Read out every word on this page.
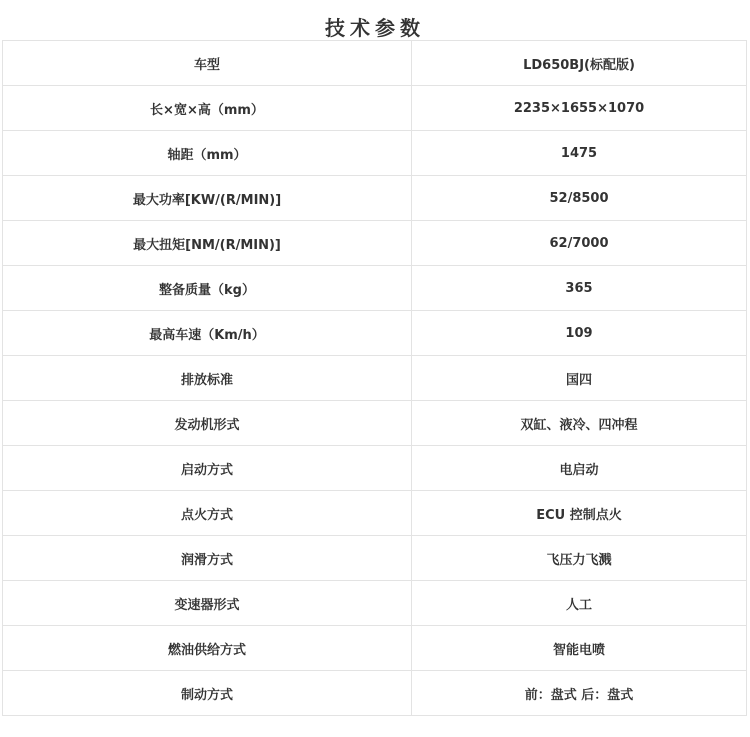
技术参数
车型	LD650BJ(标配版)
长×宽×高（mm）	2235×1655×1070
轴距（mm）	1475
最大功率[KW/(R/MIN)]	52/8500
最大扭矩[NM/(R/MIN)]	62/7000
整备质量（kg）	365
最高车速（Km/h）	109
排放标准	国四
发动机形式	双缸、液冷、四冲程
启动方式	电启动
点火方式	ECU 控制点火
润滑方式	飞压力飞溅
变速器形式	人工
燃油供给方式	智能电喷
制动方式	前：盘式 后：盘式
